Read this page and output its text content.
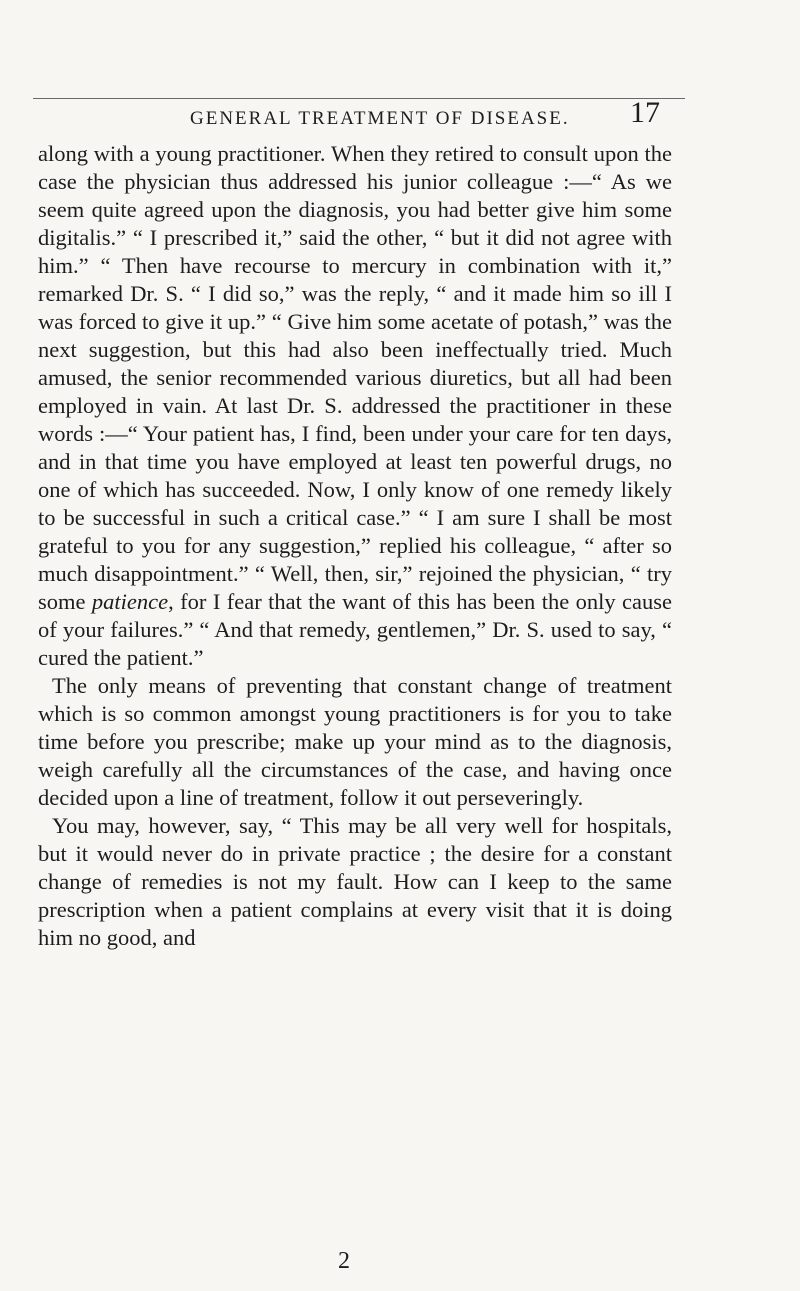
GENERAL TREATMENT OF DISEASE. 17

along with a young practitioner. When they retired to consult upon the case the physician thus addressed his junior colleague :—“ As we seem quite agreed upon the diagnosis, you had better give him some digitalis.” “ I prescribed it,” said the other, “ but it did not agree with him.” “ Then have recourse to mercury in combination with it,” remarked Dr. S. “ I did so,” was the reply, “ and it made him so ill I was forced to give it up.” “ Give him some acetate of potash,” was the next suggestion, but this had also been ineffectually tried. Much amused, the senior recommended various diuretics, but all had been employed in vain. At last Dr. S. addressed the practitioner in these words :—“ Your patient has, I find, been under your care for ten days, and in that time you have employed at least ten powerful drugs, no one of which has succeeded. Now, I only know of one remedy likely to be successful in such a critical case.” “ I am sure I shall be most grateful to you for any suggestion,” replied his colleague, “ after so much disappointment.” “ Well, then, sir,” rejoined the physician, “ try some patience, for I fear that the want of this has been the only cause of your failures.” “ And that remedy, gentlemen,” Dr. S. used to say, “ cured the patient.”

The only means of preventing that constant change of treatment which is so common amongst young practitioners is for you to take time before you prescribe; make up your mind as to the diagnosis, weigh carefully all the circumstances of the case, and having once decided upon a line of treatment, follow it out perseveringly.

You may, however, say, “ This may be all very well for hospitals, but it would never do in private practice ; the desire for a constant change of remedies is not my fault. How can I keep to the same prescription when a patient complains at every visit that it is doing him no good, and

2
